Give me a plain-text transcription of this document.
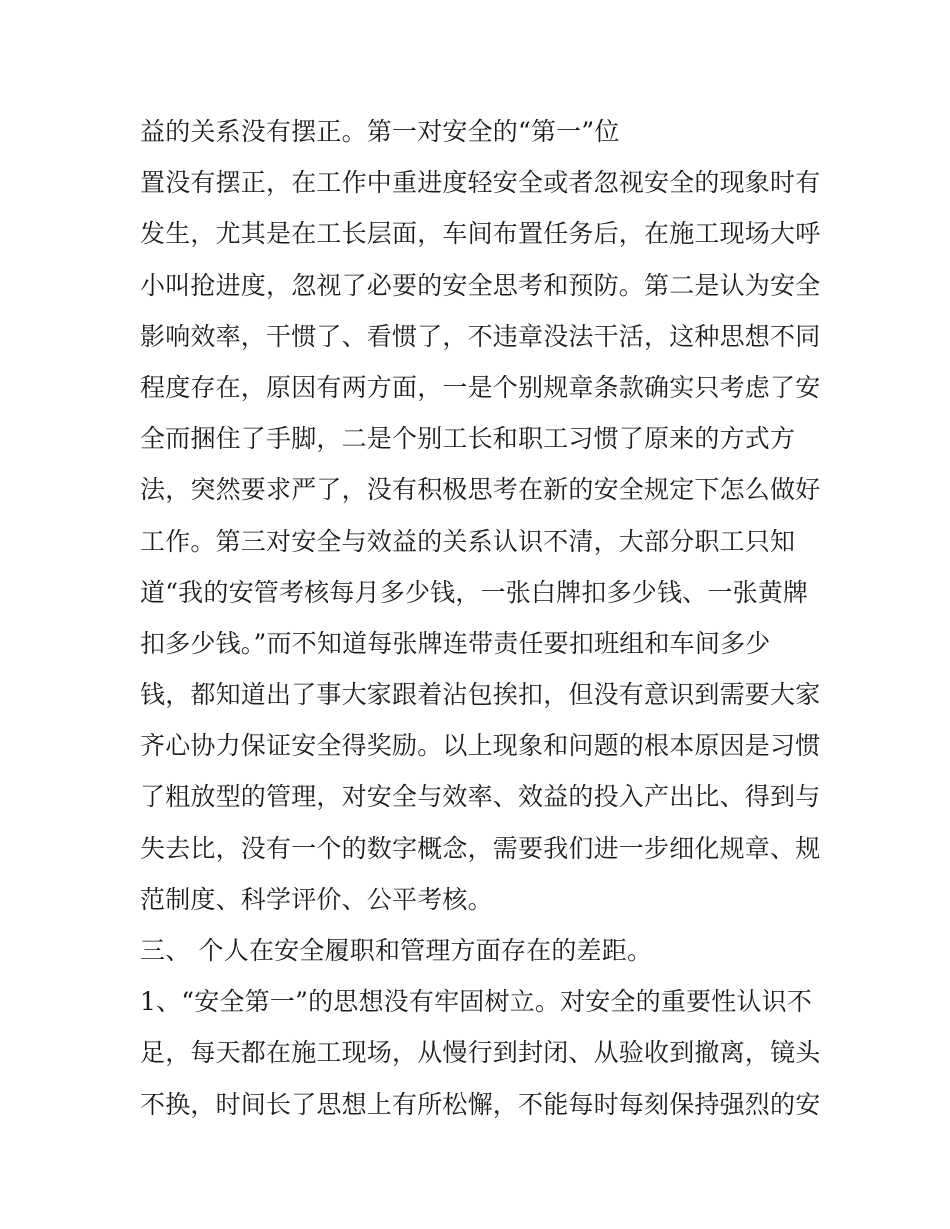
益的关系没有摆正。第一对安全的“第一”位
置没有摆正，在工作中重进度轻安全或者忽视安全的现象时有
发生，尤其是在工长层面，车间布置任务后，在施工现场大呼
小叫抢进度，忽视了必要的安全思考和预防。第二是认为安全
影响效率，干惯了、看惯了，不违章没法干活，这种思想不同
程度存在，原因有两方面，一是个别规章条款确实只考虑了安
全而捆住了手脚，二是个别工长和职工习惯了原来的方式方
法，突然要求严了，没有积极思考在新的安全规定下怎么做好
工作。第三对安全与效益的关系认识不清，大部分职工只知
道“我的安管考核每月多少钱，一张白牌扣多少钱、一张黄牌
扣多少钱。”而不知道每张牌连带责任要扣班组和车间多少
钱，都知道出了事大家跟着沾包挨扣，但没有意识到需要大家
齐心协力保证安全得奖励。以上现象和问题的根本原因是习惯
了粗放型的管理，对安全与效率、效益的投入产出比、得到与
失去比，没有一个的数字概念，需要我们进一步细化规章、规
范制度、科学评价、公平考核。
三、 个人在安全履职和管理方面存在的差距。
1、“安全第一”的思想没有牢固树立。对安全的重要性认识不
足，每天都在施工现场，从慢行到封闭、从验收到撤离，镜头
不换，时间长了思想上有所松懈，不能每时每刻保持强烈的安
